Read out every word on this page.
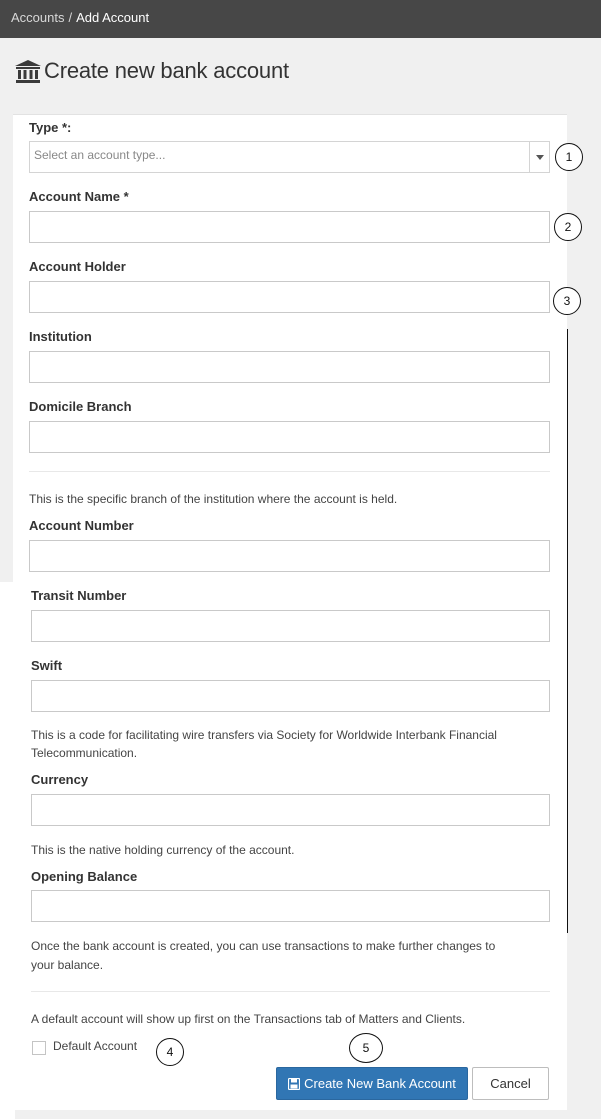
Accounts / Add Account
Create new bank account
Type *:
Select an account type...
Account Name *
Account Holder
Institution
Domicile Branch
This is the specific branch of the institution where the account is held.
Account Number
Transit Number
Swift
This is a code for facilitating wire transfers via Society for Worldwide Interbank Financial
Telecommunication.
Currency
This is the native holding currency of the account.
Opening Balance
Once the bank account is created, you can use transactions to make further changes to
your balance.
A default account will show up first on the Transactions tab of Matters and Clients.
Default Account
Create New Bank Account	Cancel
1
2
3
4	5
